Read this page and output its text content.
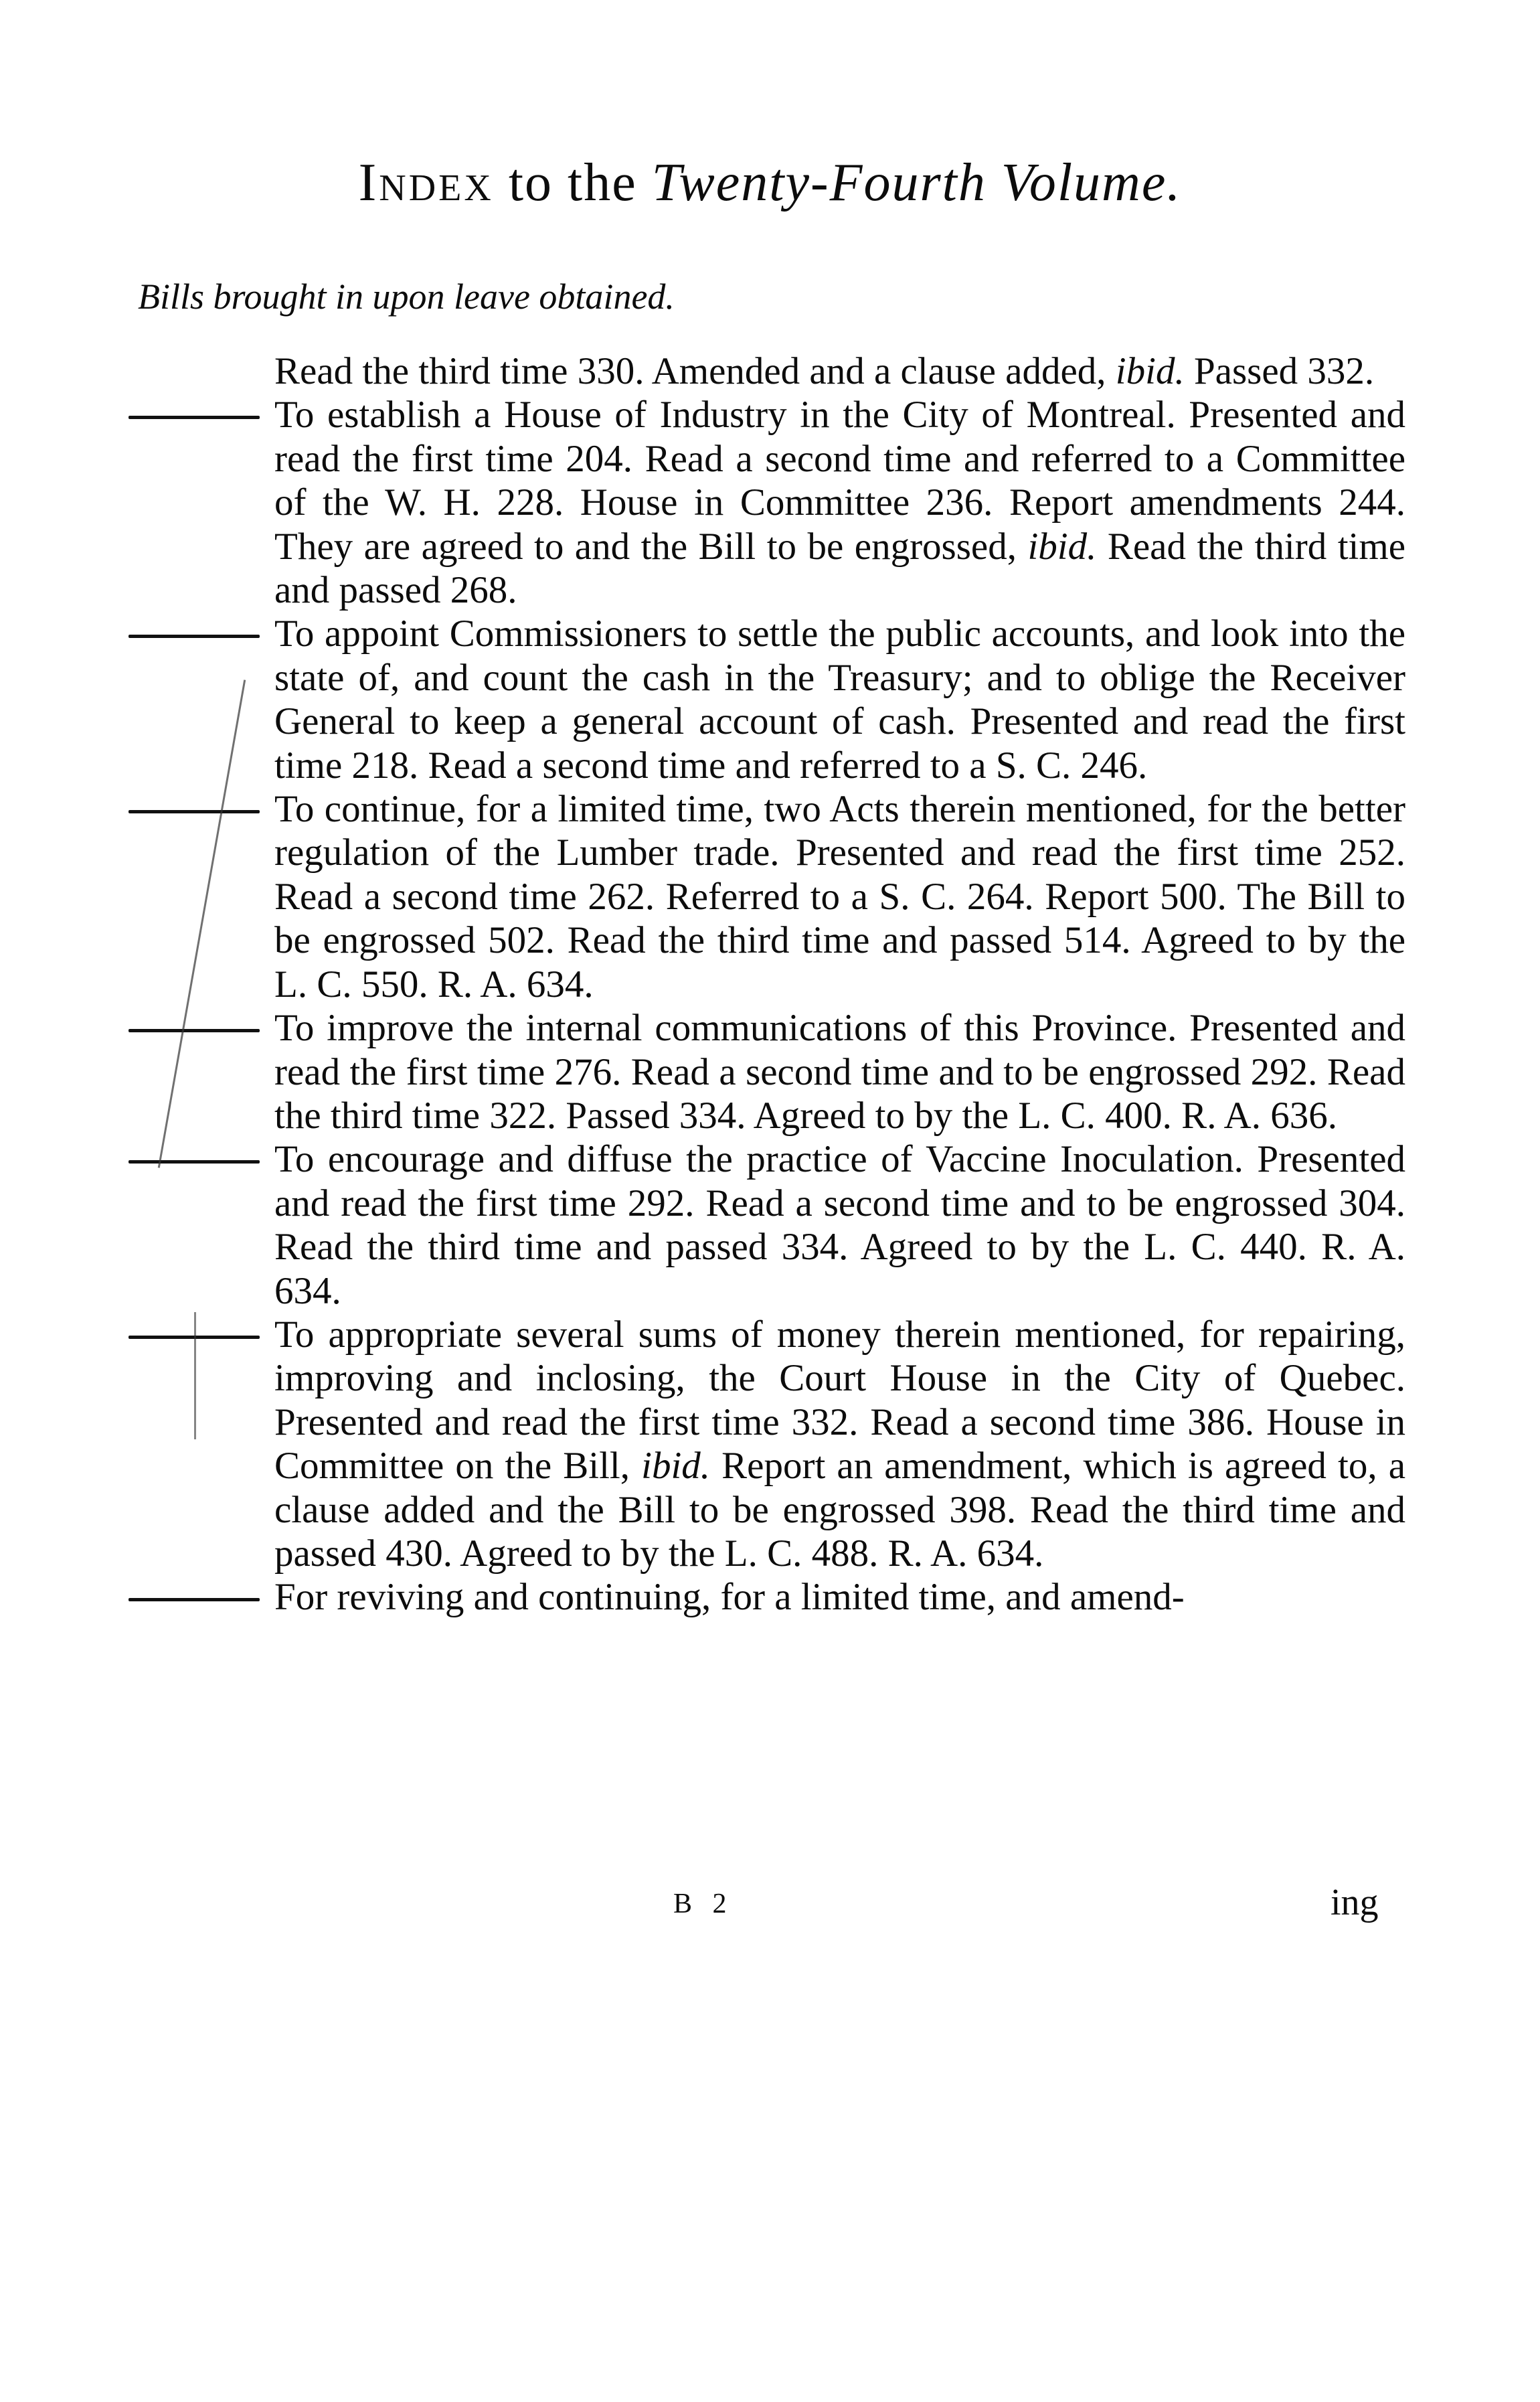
Index to the Twenty-Fourth Volume.
Bills brought in upon leave obtained.
Read the third time 330. Amended and a clause added, ibid. Passed 332.
To establish a House of Industry in the City of Montreal. Presented and read the first time 204. Read a second time and referred to a Committee of the W. H. 228. House in Committee 236. Report amendments 244. They are agreed to and the Bill to be engrossed, ibid. Read the third time and passed 268.
To appoint Commissioners to settle the public accounts, and look into the state of, and count the cash in the Treasury; and to oblige the Receiver General to keep a general account of cash. Presented and read the first time 218. Read a second time and referred to a S. C. 246.
To continue, for a limited time, two Acts therein mentioned, for the better regulation of the Lumber trade. Presented and read the first time 252. Read a second time 262. Referred to a S. C. 264. Report 500. The Bill to be engrossed 502. Read the third time and passed 514. Agreed to by the L. C. 550. R. A. 634.
To improve the internal communications of this Province. Presented and read the first time 276. Read a second time and to be engrossed 292. Read the third time 322. Passed 334. Agreed to by the L. C. 400. R. A. 636.
To encourage and diffuse the practice of Vaccine Inoculation. Presented and read the first time 292. Read a second time and to be engrossed 304. Read the third time and passed 334. Agreed to by the L. C. 440. R. A. 634.
To appropriate several sums of money therein mentioned, for repairing, improving and inclosing, the Court House in the City of Quebec. Presented and read the first time 332. Read a second time 386. House in Committee on the Bill, ibid. Report an amendment, which is agreed to, a clause added and the Bill to be engrossed 398. Read the third time and passed 430. Agreed to by the L. C. 488. R. A. 634.
For reviving and continuing, for a limited time, and amend-
B 2	ing
